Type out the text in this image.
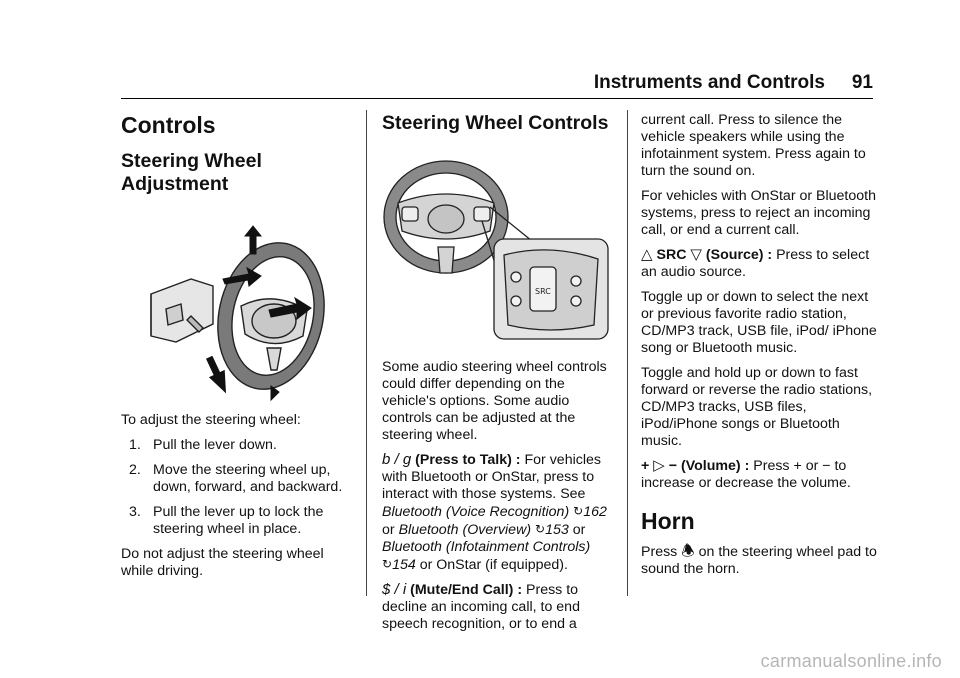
Instruments and Controls 91
Controls
Steering Wheel
Adjustment

To adjust the steering wheel:

1. Pull the lever down.
2. Move the steering wheel up, down, forward, and backward.
3. Pull the lever up to lock the steering wheel in place.

Do not adjust the steering wheel while driving.

Steering Wheel Controls
SRC

Some audio steering wheel controls could differ depending on the vehicle's options. Some audio controls can be adjusted at the steering wheel.

b / g (Press to Talk) : For vehicles with Bluetooth or OnStar, press to interact with those systems. See Bluetooth (Voice Recognition) ↻162 or Bluetooth (Overview) ↻153 or Bluetooth (Infotainment Controls) ↻154 or OnStar (if equipped).

$ / i (Mute/End Call) : Press to decline an incoming call, to end speech recognition, or to end a

current call. Press to silence the vehicle speakers while using the infotainment system. Press again to turn the sound on.

For vehicles with OnStar or Bluetooth systems, press to reject an incoming call, or end a current call.

△ SRC ▽ (Source) : Press to select an audio source.

Toggle up or down to select the next or previous favorite radio station, CD/MP3 track, USB file, iPod/ iPhone song or Bluetooth music.

Toggle and hold up or down to fast forward or reverse the radio stations, CD/MP3 tracks, USB files, iPod/iPhone songs or Bluetooth music.

+ ▷ − (Volume) : Press + or − to increase or decrease the volume.

Horn

Press 🕭︎ on the steering wheel pad to sound the horn.

carmanualsonline.info
